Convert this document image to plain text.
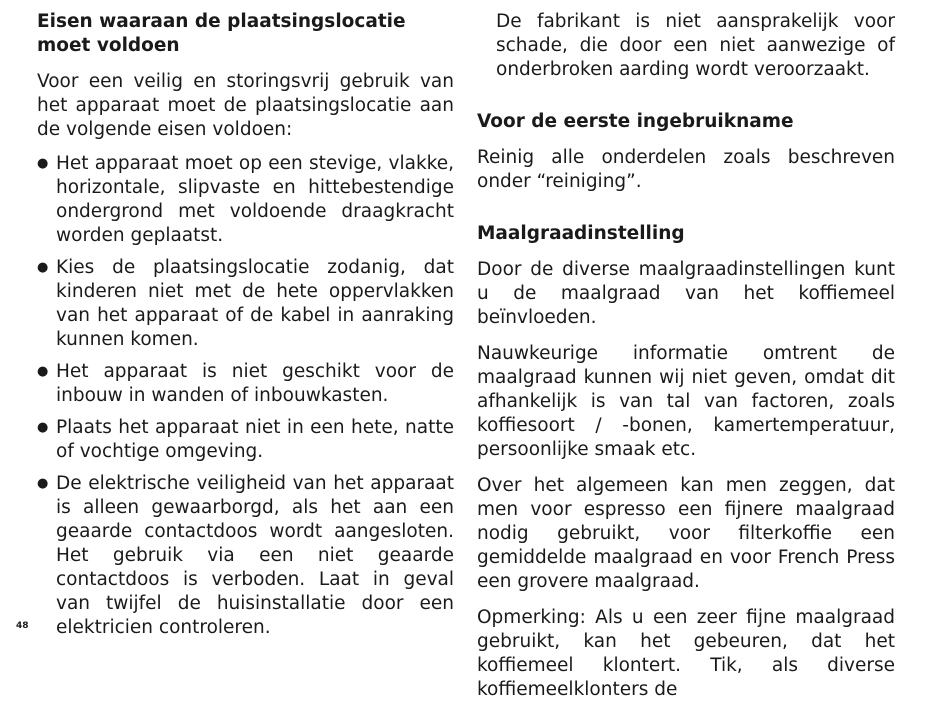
Eisen waaraan de plaatsingslocatie moet voldoen

Voor een veilig en storingsvrij gebruik van het apparaat moet de plaatsingslocatie aan de volgende eisen voldoen:

● Het apparaat moet op een stevige, vlakke, horizontale, slipvaste en hittebestendige ondergrond met voldoende draagkracht worden geplaatst.
● Kies de plaatsingslocatie zodanig, dat kinderen niet met de hete oppervlakken van het apparaat of de kabel in aanraking kunnen komen.
● Het apparaat is niet geschikt voor de inbouw in wanden of inbouwkasten.
● Plaats het apparaat niet in een hete, natte of vochtige omgeving.
● De elektrische veiligheid van het apparaat is alleen gewaarborgd, als het aan een geaarde contactdoos wordt aangesloten. Het gebruik via een niet geaarde contactdoos is verboden. Laat in geval van twijfel de huisinstallatie door een elektricien controleren.

De fabrikant is niet aansprakelijk voor schade, die door een niet aanwezige of onderbroken aarding wordt veroorzaakt.

Voor de eerste ingebruikname

Reinig alle onderdelen zoals beschreven onder “reiniging”.

Maalgraadinstelling

Door de diverse maalgraadinstellingen kunt u de maalgraad van het koffiemeel beïnvloeden.

Nauwkeurige informatie omtrent de maalgraad kunnen wij niet geven, omdat dit afhankelijk is van tal van factoren, zoals koffiesoort / -bonen, kamertemperatuur, persoonlijke smaak etc.

Over het algemeen kan men zeggen, dat men voor espresso een fijnere maalgraad nodig gebruikt, voor filterkoffie een gemiddelde maalgraad en voor French Press een grovere maalgraad.

Opmerking: Als u een zeer fijne maalgraad gebruikt, kan het gebeuren, dat het koffiemeel klontert. Tik, als diverse koffiemeelklonters de

48
